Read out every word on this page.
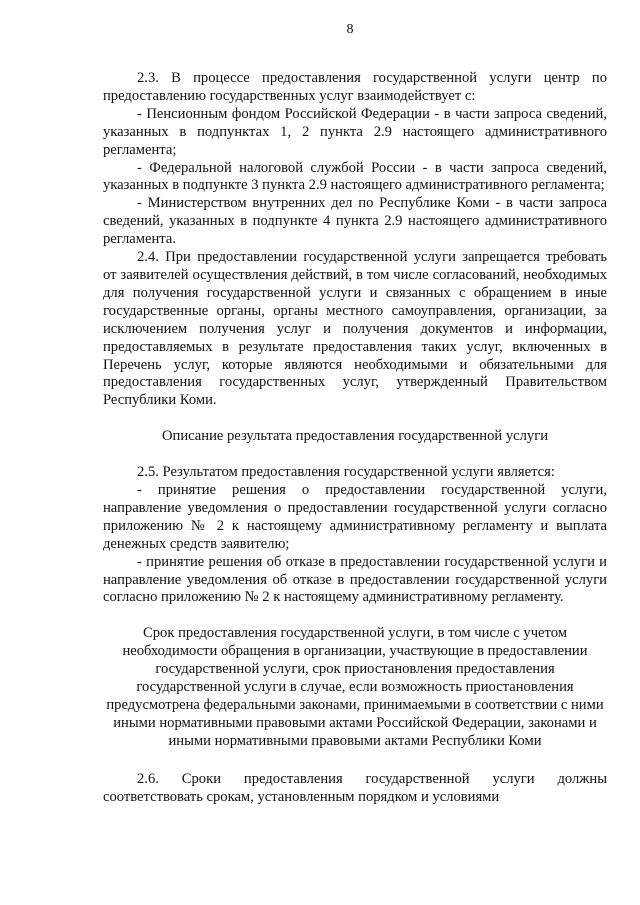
8

2.3. В процессе предоставления государственной услуги центр по предоставлению государственных услуг взаимодействует с:

- Пенсионным фондом Российской Федерации - в части запроса сведений, указанных в подпунктах 1, 2 пункта 2.9 настоящего административного регламента;

- Федеральной налоговой службой России - в части запроса сведений, указанных в подпункте 3 пункта 2.9 настоящего административного регламента;

- Министерством внутренних дел по Республике Коми - в части запроса сведений, указанных в подпункте 4 пункта 2.9 настоящего административного регламента.

2.4. При предоставлении государственной услуги запрещается требовать от заявителей осуществления действий, в том числе согласований, необходимых для получения государственной услуги и связанных с обращением в иные государственные органы, органы местного самоуправления, организации, за исключением получения услуг и получения документов и информации, предоставляемых в результате предоставления таких услуг, включенных в Перечень услуг, которые являются необходимыми и обязательными для предоставления государственных услуг, утвержденный Правительством Республики Коми.

Описание результата предоставления государственной услуги

2.5. Результатом предоставления государственной услуги является:

- принятие решения о предоставлении государственной услуги, направление уведомления о предоставлении государственной услуги согласно приложению № 2 к настоящему административному регламенту и выплата денежных средств заявителю;

- принятие решения об отказе в предоставлении государственной услуги и направление уведомления об отказе в предоставлении государственной услуги согласно приложению № 2 к настоящему административному регламенту.

Срок предоставления государственной услуги, в том числе с учетом необходимости обращения в организации, участвующие в предоставлении государственной услуги, срок приостановления предоставления государственной услуги в случае, если возможность приостановления предусмотрена федеральными законами, принимаемыми в соответствии с ними иными нормативными правовыми актами Российской Федерации, законами и иными нормативными правовыми актами Республики Коми

2.6. Сроки предоставления государственной услуги должны соответствовать срокам, установленным порядком и условиями
